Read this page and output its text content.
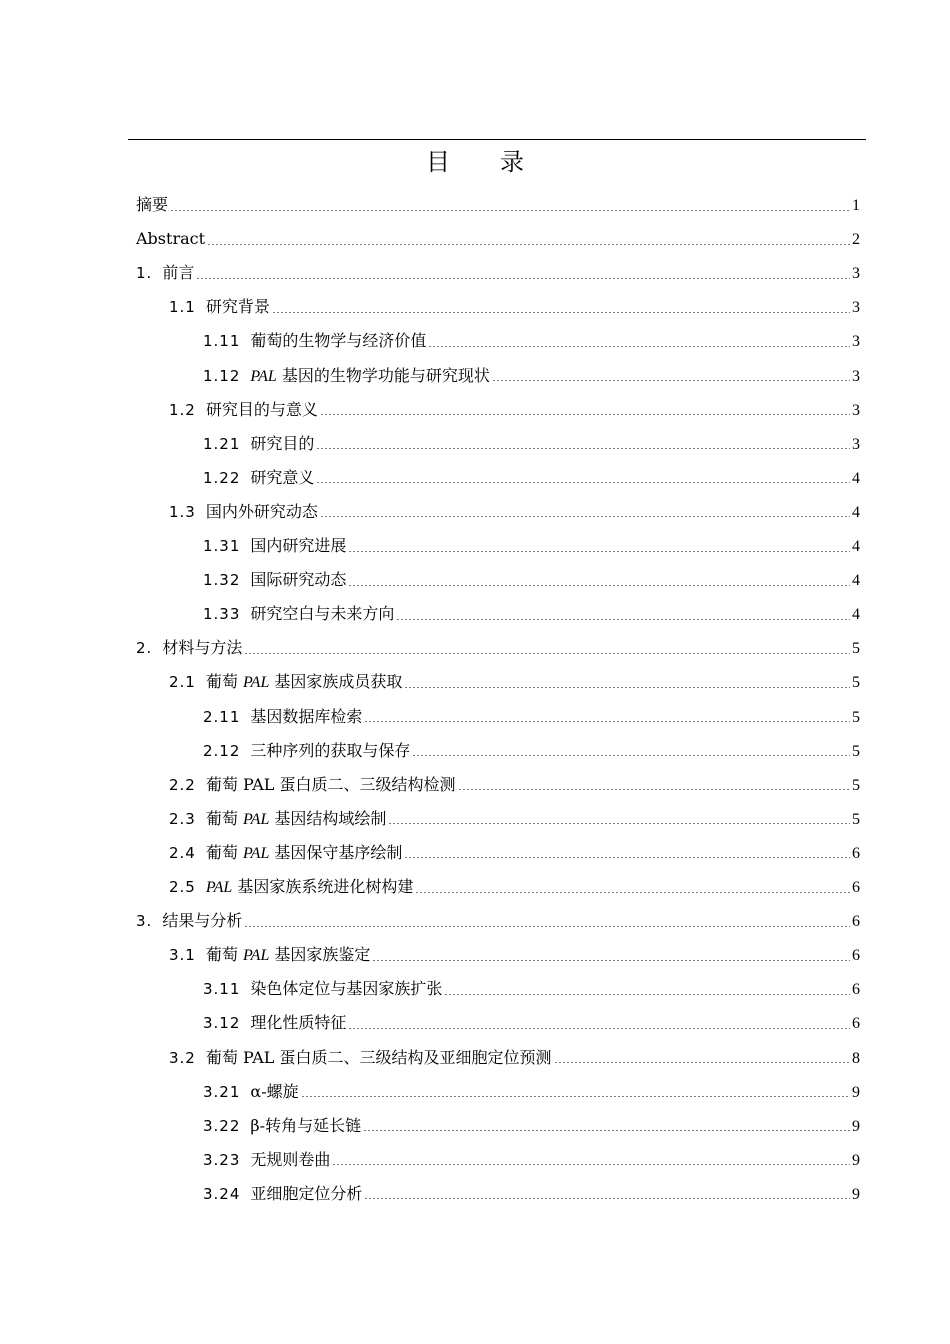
目 录
摘要	1
Abstract	2
1. 前言	3
1.1 研究背景	3
1.11 葡萄的生物学与经济价值	3
1.12 PAL 基因的生物学功能与研究现状	3
1.2 研究目的与意义	3
1.21 研究目的	3
1.22 研究意义	4
1.3 国内外研究动态	4
1.31 国内研究进展	4
1.32 国际研究动态	4
1.33 研究空白与未来方向	4
2. 材料与方法	5
2.1 葡萄 PAL 基因家族成员获取	5
2.11 基因数据库检索	5
2.12 三种序列的获取与保存	5
2.2 葡萄 PAL 蛋白质二、三级结构检测	5
2.3 葡萄 PAL 基因结构域绘制	5
2.4 葡萄 PAL 基因保守基序绘制	6
2.5 PAL 基因家族系统进化树构建	6
3. 结果与分析	6
3.1 葡萄 PAL 基因家族鉴定	6
3.11 染色体定位与基因家族扩张	6
3.12 理化性质特征	6
3.2 葡萄 PAL 蛋白质二、三级结构及亚细胞定位预测	8
3.21 α-螺旋	9
3.22 β-转角与延长链	9
3.23 无规则卷曲	9
3.24 亚细胞定位分析	9
